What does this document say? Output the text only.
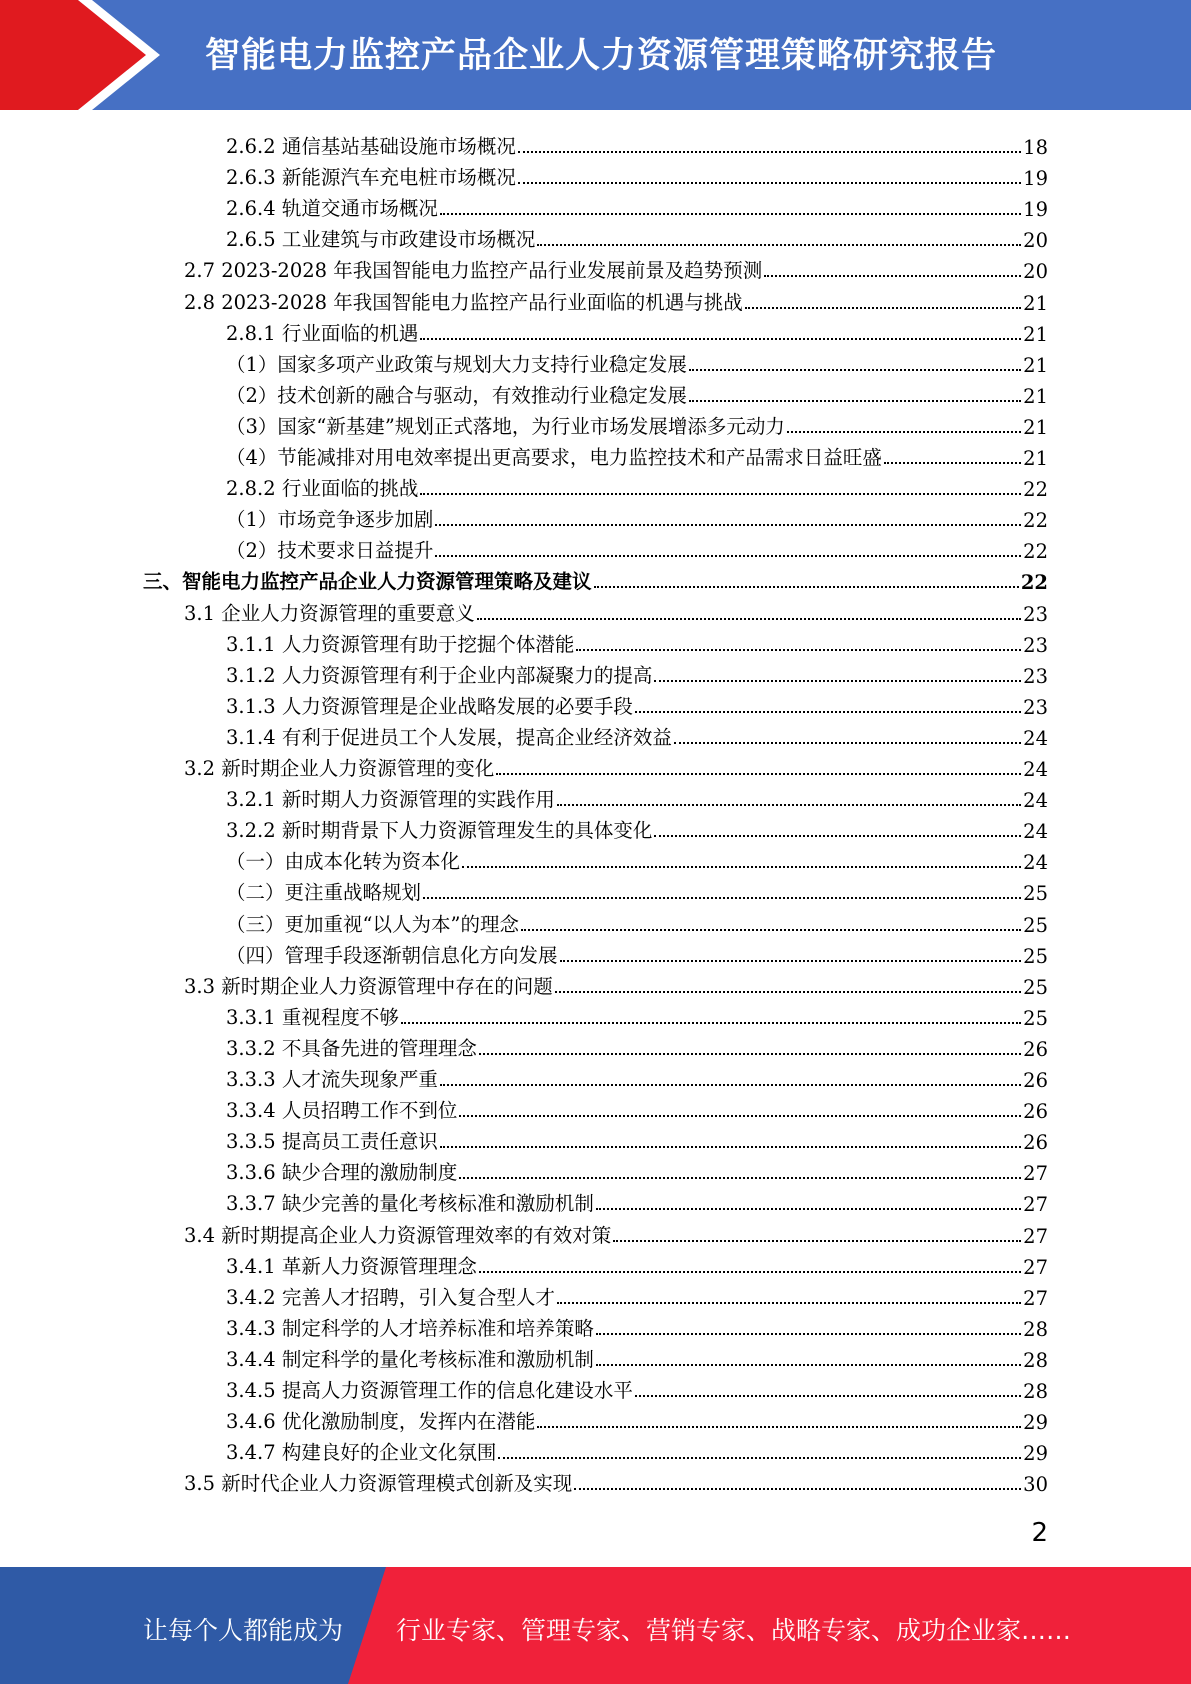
智能电力监控产品企业人力资源管理策略研究报告
2.6.2 通信基站基础设施市场概况	18
2.6.3 新能源汽车充电桩市场概况	19
2.6.4 轨道交通市场概况	19
2.6.5 工业建筑与市政建设市场概况	20
2.7 2023-2028 年我国智能电力监控产品行业发展前景及趋势预测	20
2.8 2023-2028 年我国智能电力监控产品行业面临的机遇与挑战	21
2.8.1 行业面临的机遇	21
（1）国家多项产业政策与规划大力支持行业稳定发展	21
（2）技术创新的融合与驱动，有效推动行业稳定发展	21
（3）国家“新基建”规划正式落地，为行业市场发展增添多元动力	21
（4）节能减排对用电效率提出更高要求，电力监控技术和产品需求日益旺盛	21
2.8.2 行业面临的挑战	22
（1）市场竞争逐步加剧	22
（2）技术要求日益提升	22
三、智能电力监控产品企业人力资源管理策略及建议	22
3.1 企业人力资源管理的重要意义	23
3.1.1 人力资源管理有助于挖掘个体潜能	23
3.1.2 人力资源管理有利于企业内部凝聚力的提高	23
3.1.3 人力资源管理是企业战略发展的必要手段	23
3.1.4 有利于促进员工个人发展，提高企业经济效益	24
3.2 新时期企业人力资源管理的变化	24
3.2.1 新时期人力资源管理的实践作用	24
3.2.2 新时期背景下人力资源管理发生的具体变化	24
（一）由成本化转为资本化	24
（二）更注重战略规划	25
（三）更加重视“以人为本”的理念	25
（四）管理手段逐渐朝信息化方向发展	25
3.3 新时期企业人力资源管理中存在的问题	25
3.3.1 重视程度不够	25
3.3.2 不具备先进的管理理念	26
3.3.3 人才流失现象严重	26
3.3.4 人员招聘工作不到位	26
3.3.5 提高员工责任意识	26
3.3.6 缺少合理的激励制度	27
3.3.7 缺少完善的量化考核标准和激励机制	27
3.4 新时期提高企业人力资源管理效率的有效对策	27
3.4.1 革新人力资源管理理念	27
3.4.2 完善人才招聘，引入复合型人才	27
3.4.3 制定科学的人才培养标准和培养策略	28
3.4.4 制定科学的量化考核标准和激励机制	28
3.4.5 提高人力资源管理工作的信息化建设水平	28
3.4.6 优化激励制度，发挥内在潜能	29
3.4.7 构建良好的企业文化氛围	29
3.5 新时代企业人力资源管理模式创新及实现	30
2
让每个人都能成为 行业专家、管理专家、营销专家、战略专家、成功企业家……
